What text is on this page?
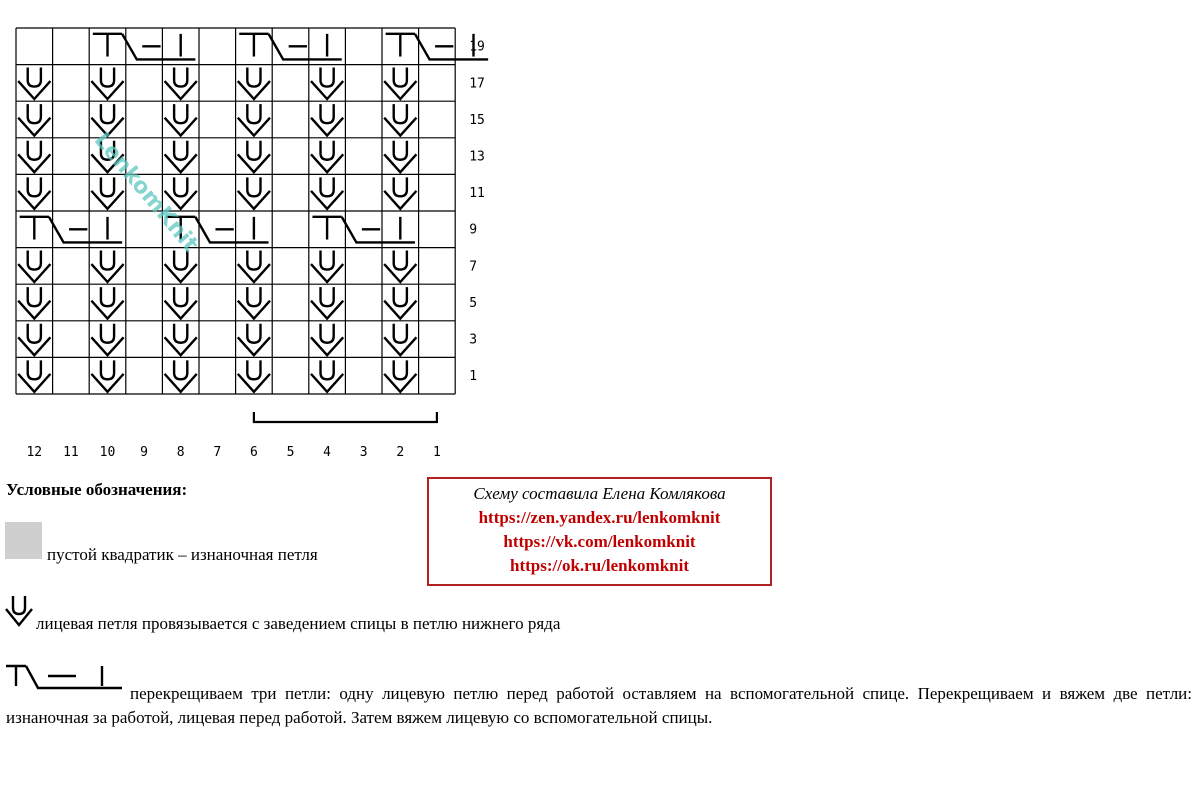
19
17
15
13
11
9
7
5
3
1
12 11 10 9 8 7 6 5 4 3 2 1
LenkomKnit
Условные обозначения:
пустой квадратик – изнаночная петля
лицевая петля провязывается с заведением спицы в петлю нижнего ряда
перекрещиваем три петли: одну лицевую петлю перед работой оставляем на вспомогательной спице. Перекрещиваем и вяжем две петли: изнаночная за работой, лицевая перед работой. Затем вяжем лицевую со вспомогательной спицы.
Схему составила Елена Комлякова
https://zen.yandex.ru/lenkomknit
https://vk.com/lenkomknit
https://ok.ru/lenkomknit
